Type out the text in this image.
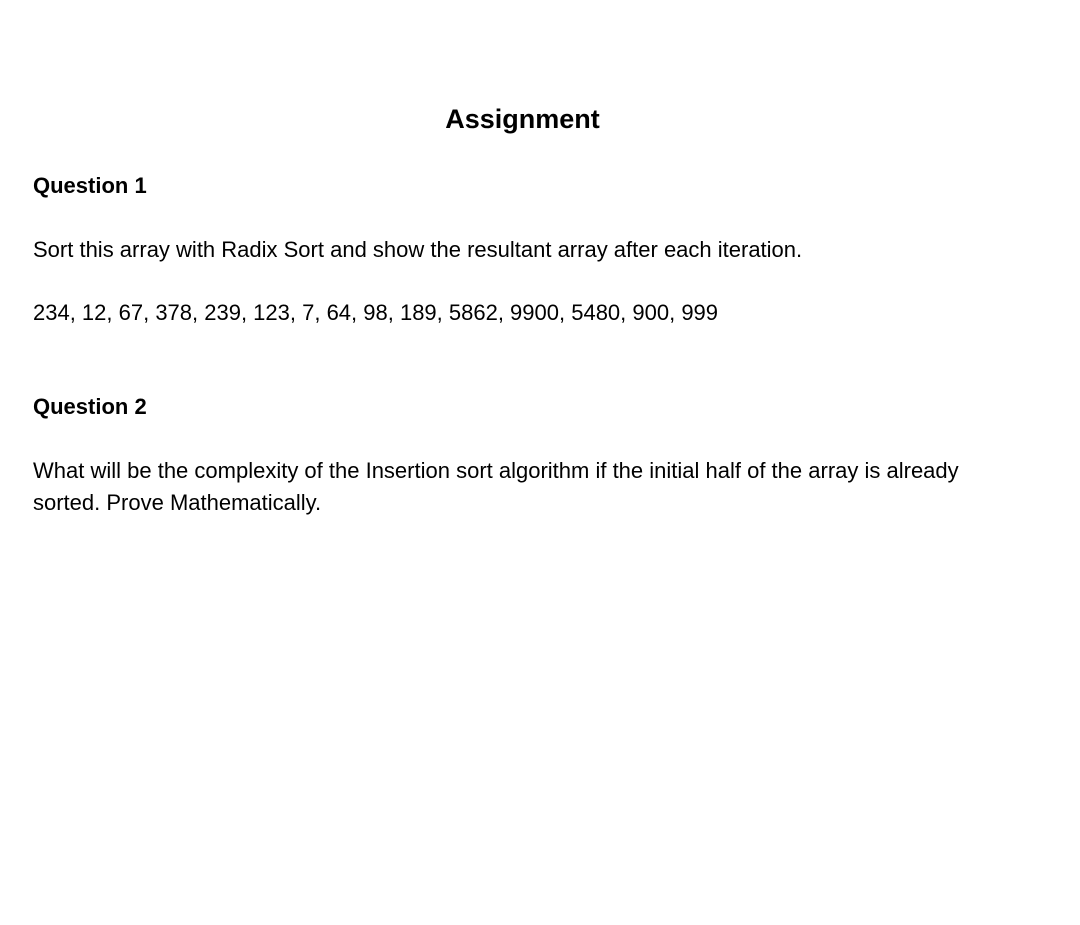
Assignment
Question 1

Sort this array with Radix Sort and show the resultant array after each iteration.

234, 12, 67, 378, 239, 123, 7, 64, 98, 189, 5862, 9900, 5480, 900, 999

Question 2

What will be the complexity of the Insertion sort algorithm if the initial half of the array is already sorted. Prove Mathematically.
